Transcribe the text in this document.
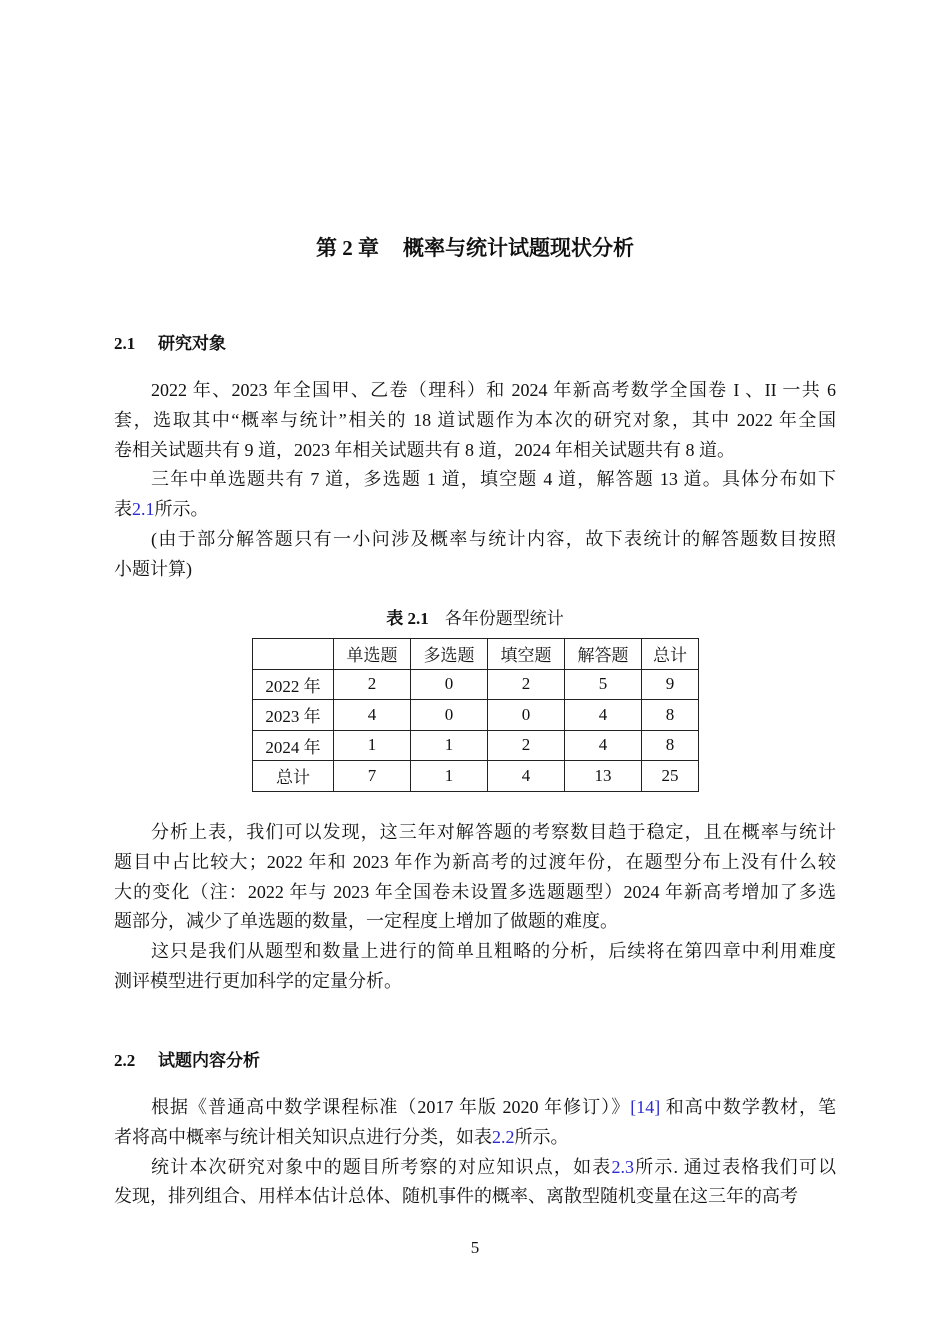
第 2 章 概率与统计试题现状分析
2.1 研究对象
2022 年、2023 年全国甲、乙卷（理科）和 2024 年新高考数学全国卷 I 、II 一共 6
套，选取其中“概率与统计”相关的 18 道试题作为本次的研究对象，其中 2022 年全国
卷相关试题共有 9 道，2023 年相关试题共有 8 道，2024 年相关试题共有 8 道。
三年中单选题共有 7 道，多选题 1 道，填空题 4 道，解答题 13 道。具体分布如下
表2.1所示。
(由于部分解答题只有一小问涉及概率与统计内容，故下表统计的解答题数目按照
小题计算)
表 2.1 各年份题型统计
	单选题	多选题	填空题	解答题	总计
2022 年	2	0	2	5	9
2023 年	4	0	0	4	8
2024 年	1	1	2	4	8
总计	7	1	4	13	25
分析上表，我们可以发现，这三年对解答题的考察数目趋于稳定，且在概率与统计
题目中占比较大；2022 年和 2023 年作为新高考的过渡年份，在题型分布上没有什么较
大的变化（注：2022 年与 2023 年全国卷未设置多选题题型）2024 年新高考增加了多选
题部分，减少了单选题的数量，一定程度上增加了做题的难度。
这只是我们从题型和数量上进行的简单且粗略的分析，后续将在第四章中利用难度
测评模型进行更加科学的定量分析。
2.2 试题内容分析
根据《普通高中数学课程标准（2017 年版 2020 年修订）》[14] 和高中数学教材，笔
者将高中概率与统计相关知识点进行分类，如表2.2所示。
统计本次研究对象中的题目所考察的对应知识点，如表2.3所示. 通过表格我们可以
发现，排列组合、用样本估计总体、随机事件的概率、离散型随机变量在这三年的高考
5
